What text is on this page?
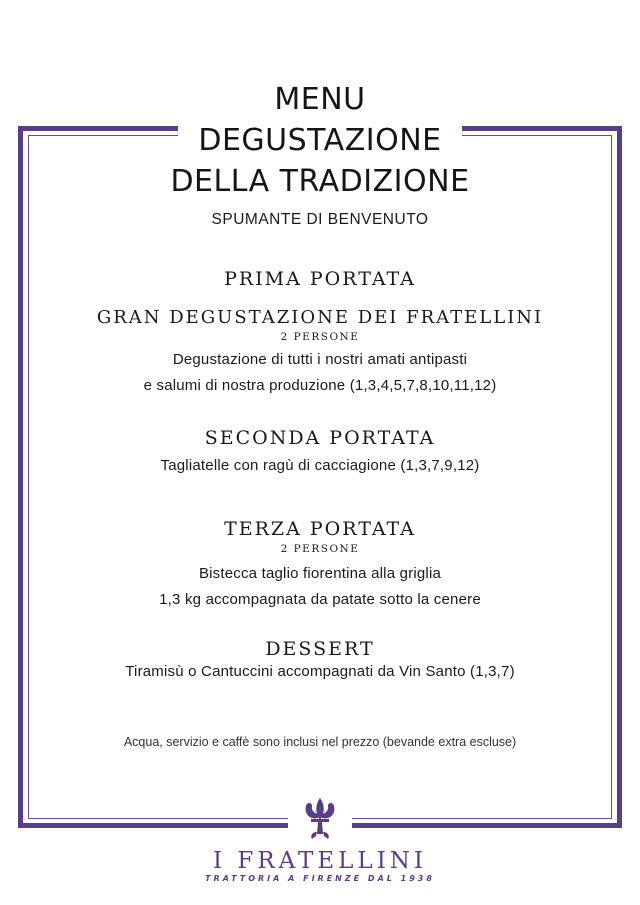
MENU
DEGUSTAZIONE
DELLA TRADIZIONE
SPUMANTE DI BENVENUTO
PRIMA PORTATA
GRAN DEGUSTAZIONE DEI FRATELLINI
2 PERSONE
Degustazione di tutti i nostri amati antipasti
e salumi di nostra produzione (1,3,4,5,7,8,10,11,12)
SECONDA PORTATA
Tagliatelle con ragù di cacciagione (1,3,7,9,12)
TERZA PORTATA
2 PERSONE
Bistecca taglio fiorentina alla griglia
1,3 kg accompagnata da patate sotto la cenere
DESSERT
Tiramisù o Cantuccini accompagnati da Vin Santo (1,3,7)
Acqua, servizio e caffè sono inclusi nel prezzo (bevande extra escluse)
I FRATELLINI
TRATTORIA A FIRENZE DAL 1938
